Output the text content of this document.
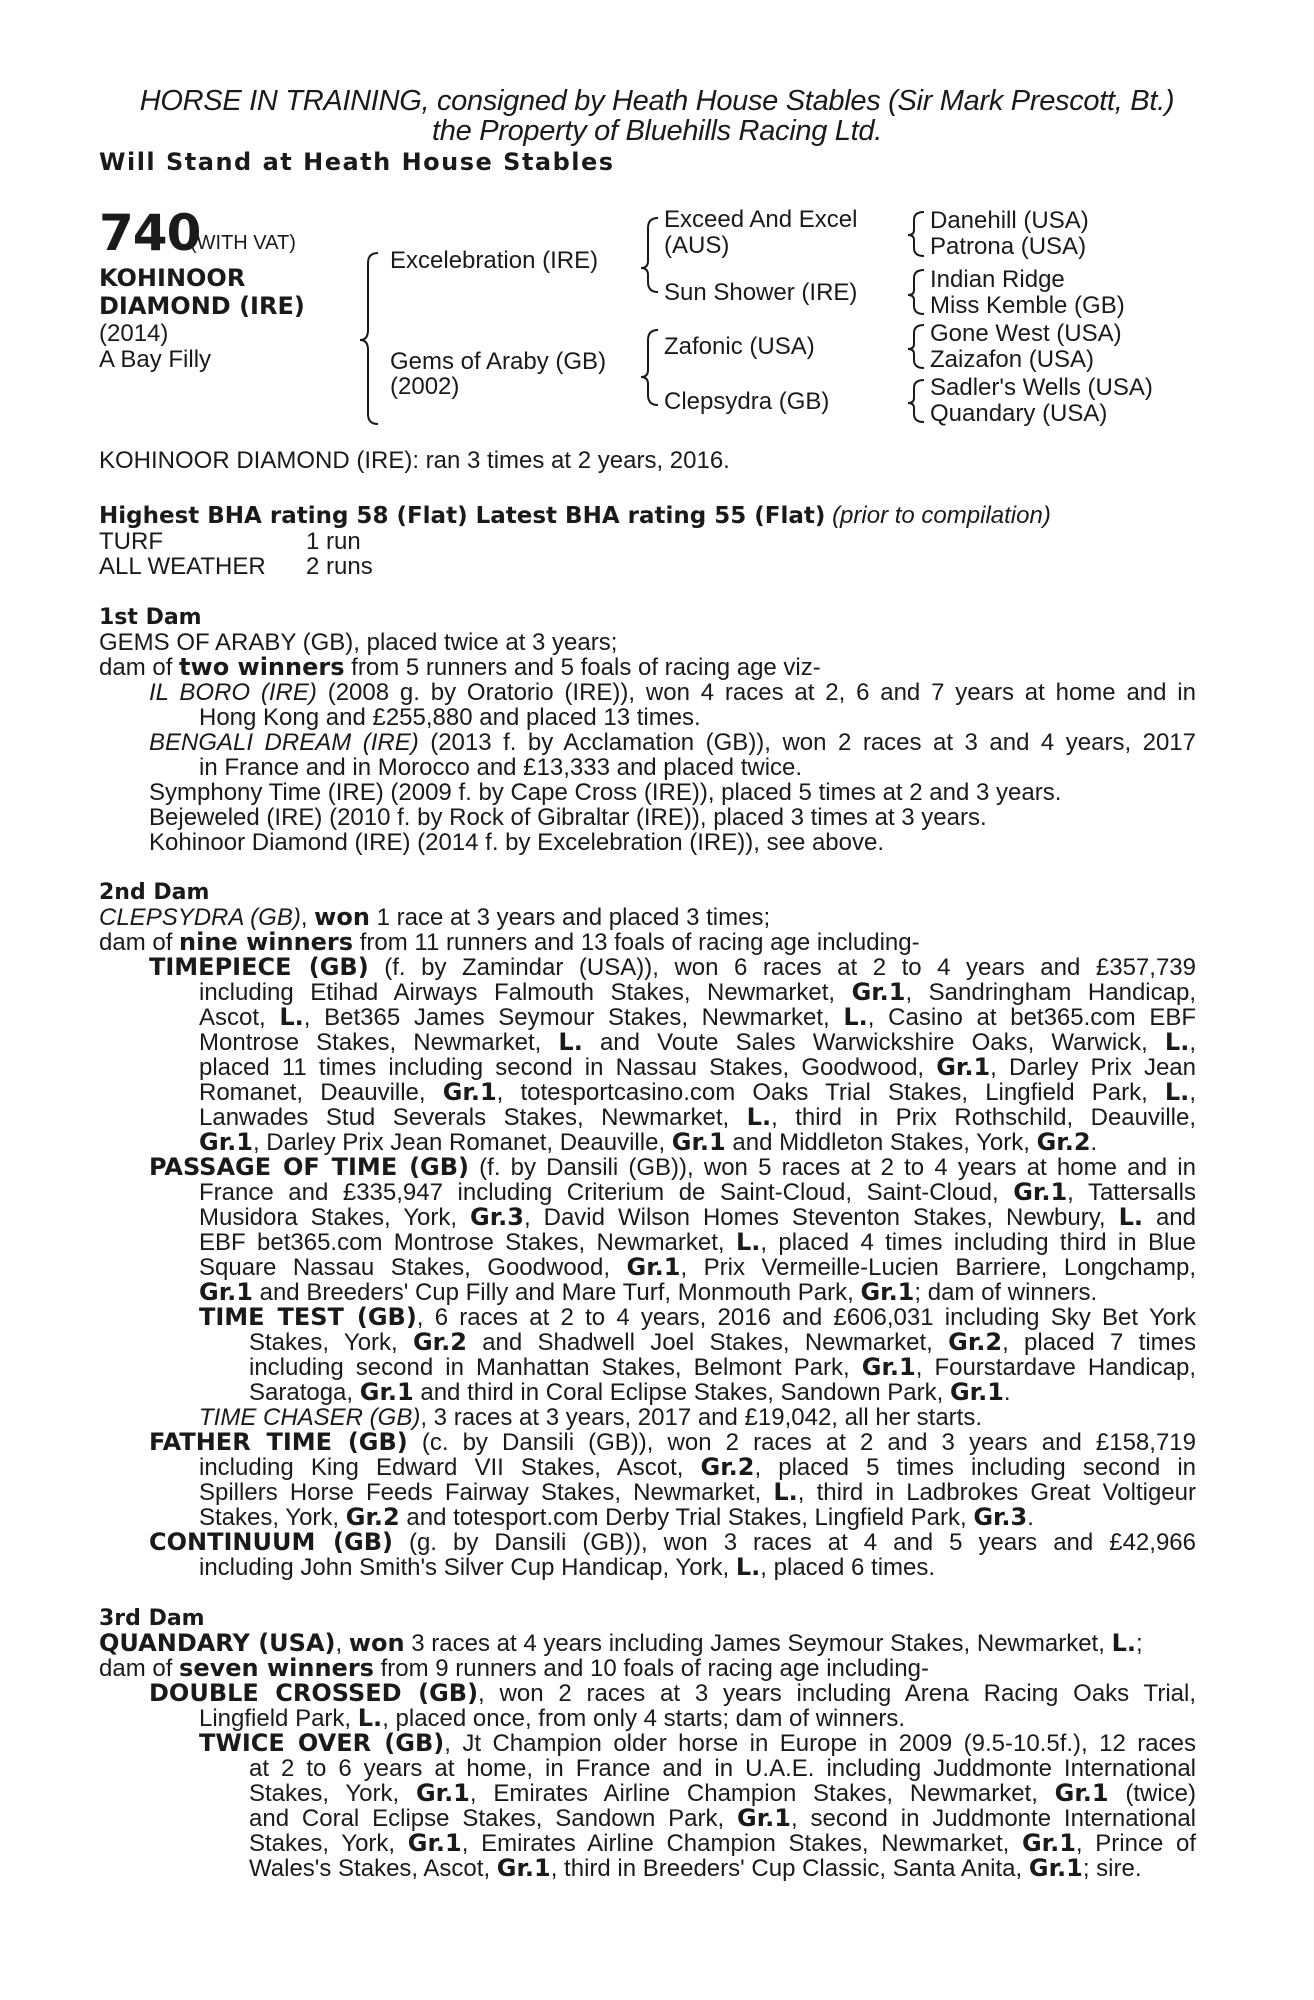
HORSE IN TRAINING, consigned by Heath House Stables (Sir Mark Prescott, Bt.)
the Property of Bluehills Racing Ltd.
Will Stand at Heath House Stables
740
(WITH VAT)
KOHINOOR
DIAMOND (IRE)
(2014)
A Bay Filly
Excelebration (IRE)
Gems of Araby (GB)
(2002)
Exceed And Excel
(AUS)
Sun Shower (IRE)
Zafonic (USA)
Clepsydra (GB)
Danehill (USA)
Patrona (USA)
Indian Ridge
Miss Kemble (GB)
Gone West (USA)
Zaizafon (USA)
Sadler's Wells (USA)
Quandary (USA)
KOHINOOR DIAMOND (IRE): ran 3 times at 2 years, 2016.
Highest BHA rating 58 (Flat) Latest BHA rating 55 (Flat) (prior to compilation)
TURF	1 run
ALL WEATHER 2 runs
1st Dam
GEMS OF ARABY (GB), placed twice at 3 years;
dam of two winners from 5 runners and 5 foals of racing age viz-
IL BORO (IRE) (2008 g. by Oratorio (IRE)), won 4 races at 2, 6 and 7 years at home and in
Hong Kong and £255,880 and placed 13 times.
BENGALI DREAM (IRE) (2013 f. by Acclamation (GB)), won 2 races at 3 and 4 years, 2017
in France and in Morocco and £13,333 and placed twice.
Symphony Time (IRE) (2009 f. by Cape Cross (IRE)), placed 5 times at 2 and 3 years.
Bejeweled (IRE) (2010 f. by Rock of Gibraltar (IRE)), placed 3 times at 3 years.
Kohinoor Diamond (IRE) (2014 f. by Excelebration (IRE)), see above.
2nd Dam
CLEPSYDRA (GB), won 1 race at 3 years and placed 3 times;
dam of nine winners from 11 runners and 13 foals of racing age including-
TIMEPIECE (GB) (f. by Zamindar (USA)), won 6 races at 2 to 4 years and £357,739
including Etihad Airways Falmouth Stakes, Newmarket, Gr.1, Sandringham Handicap,
Ascot, L., Bet365 James Seymour Stakes, Newmarket, L., Casino at bet365.com EBF
Montrose Stakes, Newmarket, L. and Voute Sales Warwickshire Oaks, Warwick, L.,
placed 11 times including second in Nassau Stakes, Goodwood, Gr.1, Darley Prix Jean
Romanet, Deauville, Gr.1, totesportcasino.com Oaks Trial Stakes, Lingfield Park, L.,
Lanwades Stud Severals Stakes, Newmarket, L., third in Prix Rothschild, Deauville,
Gr.1, Darley Prix Jean Romanet, Deauville, Gr.1 and Middleton Stakes, York, Gr.2.
PASSAGE OF TIME (GB) (f. by Dansili (GB)), won 5 races at 2 to 4 years at home and in
France and £335,947 including Criterium de Saint-Cloud, Saint-Cloud, Gr.1, Tattersalls
Musidora Stakes, York, Gr.3, David Wilson Homes Steventon Stakes, Newbury, L. and
EBF bet365.com Montrose Stakes, Newmarket, L., placed 4 times including third in Blue
Square Nassau Stakes, Goodwood, Gr.1, Prix Vermeille-Lucien Barriere, Longchamp,
Gr.1 and Breeders' Cup Filly and Mare Turf, Monmouth Park, Gr.1; dam of winners.
TIME TEST (GB), 6 races at 2 to 4 years, 2016 and £606,031 including Sky Bet York
Stakes, York, Gr.2 and Shadwell Joel Stakes, Newmarket, Gr.2, placed 7 times
including second in Manhattan Stakes, Belmont Park, Gr.1, Fourstardave Handicap,
Saratoga, Gr.1 and third in Coral Eclipse Stakes, Sandown Park, Gr.1.
TIME CHASER (GB), 3 races at 3 years, 2017 and £19,042, all her starts.
FATHER TIME (GB) (c. by Dansili (GB)), won 2 races at 2 and 3 years and £158,719
including King Edward VII Stakes, Ascot, Gr.2, placed 5 times including second in
Spillers Horse Feeds Fairway Stakes, Newmarket, L., third in Ladbrokes Great Voltigeur
Stakes, York, Gr.2 and totesport.com Derby Trial Stakes, Lingfield Park, Gr.3.
CONTINUUM (GB) (g. by Dansili (GB)), won 3 races at 4 and 5 years and £42,966
including John Smith's Silver Cup Handicap, York, L., placed 6 times.
3rd Dam
QUANDARY (USA), won 3 races at 4 years including James Seymour Stakes, Newmarket, L.;
dam of seven winners from 9 runners and 10 foals of racing age including-
DOUBLE CROSSED (GB), won 2 races at 3 years including Arena Racing Oaks Trial,
Lingfield Park, L., placed once, from only 4 starts; dam of winners.
TWICE OVER (GB), Jt Champion older horse in Europe in 2009 (9.5-10.5f.), 12 races
at 2 to 6 years at home, in France and in U.A.E. including Juddmonte International
Stakes, York, Gr.1, Emirates Airline Champion Stakes, Newmarket, Gr.1 (twice)
and Coral Eclipse Stakes, Sandown Park, Gr.1, second in Juddmonte International
Stakes, York, Gr.1, Emirates Airline Champion Stakes, Newmarket, Gr.1, Prince of
Wales's Stakes, Ascot, Gr.1, third in Breeders' Cup Classic, Santa Anita, Gr.1; sire.
